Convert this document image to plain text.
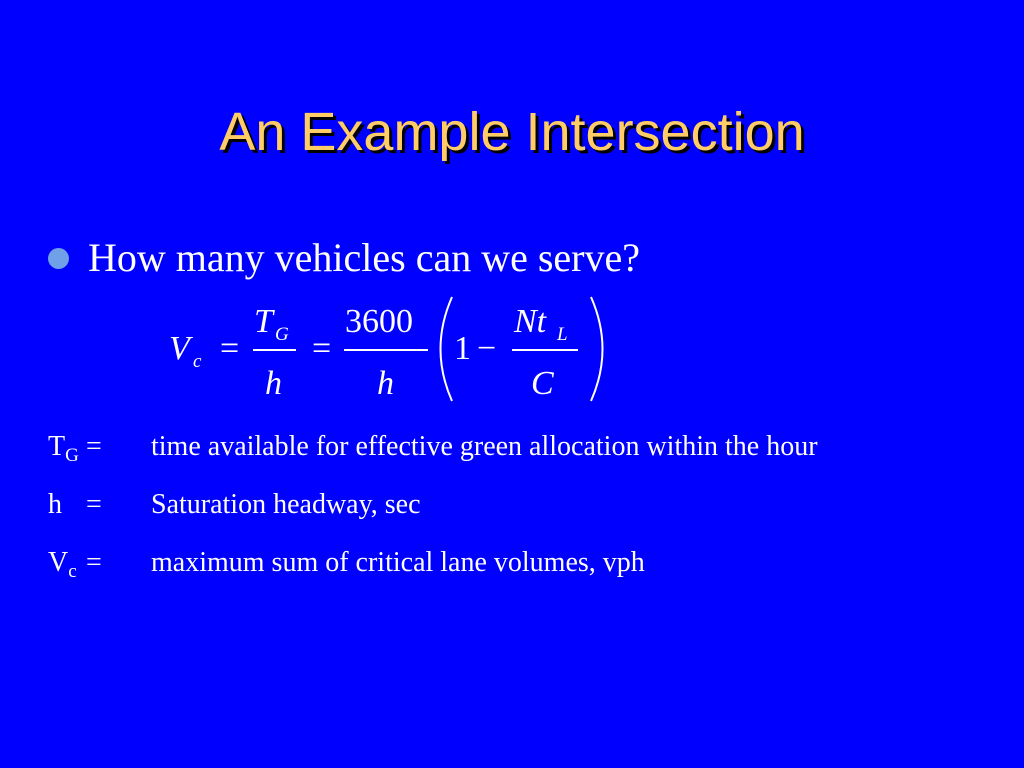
An Example Intersection
How many vehicles can we serve?
V c =
T G
h
=
3600
h
1 −
Nt L
C
$T_G$ = time available for effective green allocation within the hour
h = Saturation headway, sec
$V_c$ = maximum sum of critical lane volumes, vph
